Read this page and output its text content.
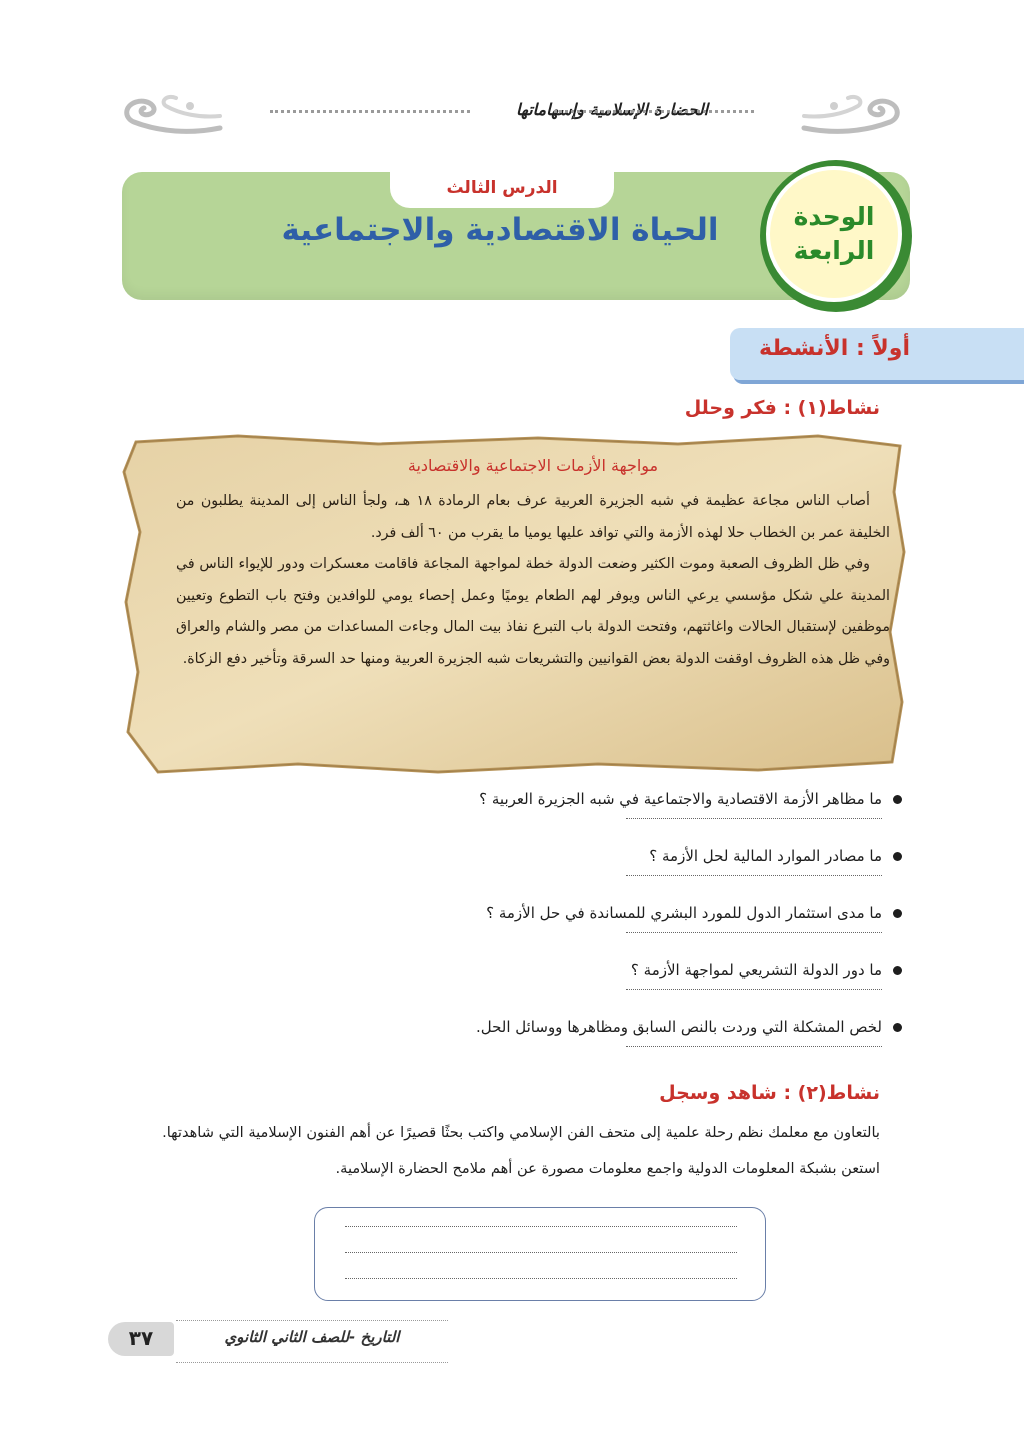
الحضارة الإسلامية وإسهاماتها
الدرس الثالث
الحياة الاقتصادية والاجتماعية	الوحدة
الرابعة
أولاً : الأنشطة
نشاط(١) : فكر وحلل
مواجهة الأزمات الاجتماعية والاقتصادية
أصاب الناس مجاعة عظيمة في شبه الجزيرة العربية عرف بعام الرمادة ١٨ هـ، ولجأ الناس إلى المدينة يطلبون من الخليفة عمر بن الخطاب حلا لهذه الأزمة والتي توافد عليها يوميا ما يقرب من ٦٠ ألف فرد.
وفي ظل الظروف الصعبة وموت الكثير وضعت الدولة خطة لمواجهة المجاعة فاقامت معسكرات ودور للإيواء الناس في المدينة علي شكل مؤسسي يرعي الناس ويوفر لهم الطعام يوميًا وعمل إحصاء يومي للوافدين وفتح باب التطوع وتعيين موظفين لإستقبال الحالات واغاثتهم، وفتحت الدولة باب التبرع نفاذ بيت المال وجاءت المساعدات من مصر والشام والعراق وفي ظل هذه الظروف اوقفت الدولة بعض القوانيين والتشريعات شبه الجزيرة العربية ومنها حد السرقة وتأخير دفع الزكاة.
ما مظاهر الأزمة الاقتصادية والاجتماعية في شبه الجزيرة العربية ؟
ما مصادر الموارد المالية لحل الأزمة ؟
ما مدى استثمار الدول للمورد البشري للمساندة في حل الأزمة ؟
ما دور الدولة التشريعي لمواجهة الأزمة ؟
لخص المشكلة التي وردت بالنص السابق ومظاهرها ووسائل الحل.
نشاط(٢) : شاهد وسجل
بالتعاون مع معلمك نظم رحلة علمية إلى متحف الفن الإسلامي واكتب بحثًا قصيرًا عن أهم الفنون الإسلامية التي شاهدتها.
استعن بشبكة المعلومات الدولية واجمع معلومات مصورة عن أهم ملامح الحضارة الإسلامية.
التاريخ -للصف الثاني الثانوي
٣٧
